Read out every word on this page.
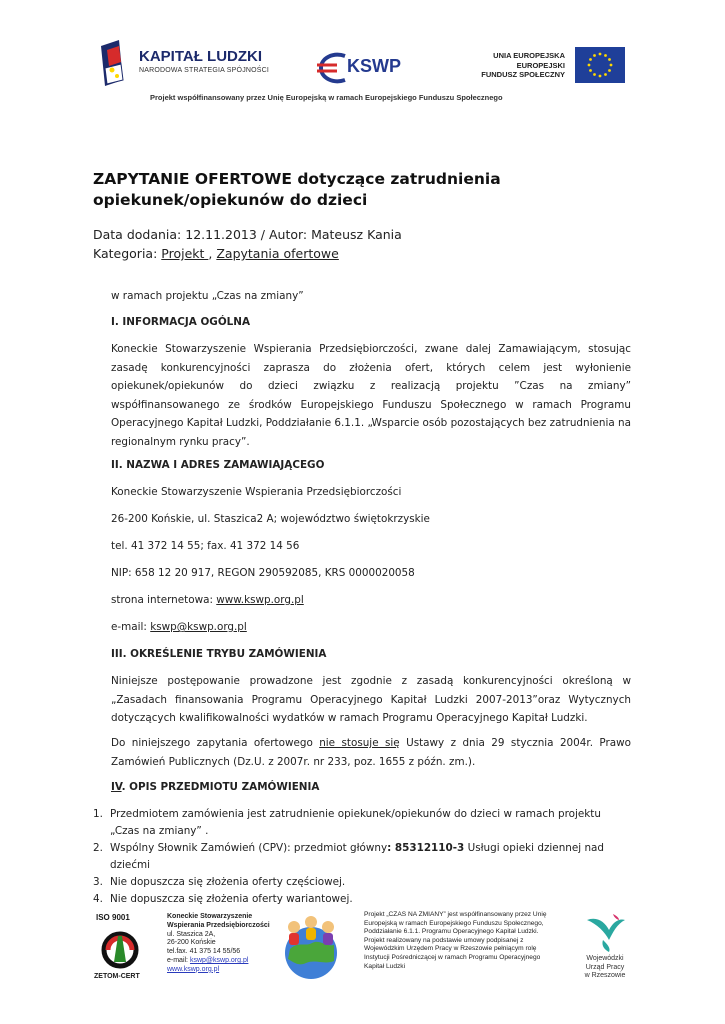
KAPITAŁ LUDZKI
NARODOWA STRATEGIA SPÓJNOŚCI	KSWP
UNIA EUROPEJSKA
EUROPEJSKI
FUNDUSZ SPOŁECZNY
Projekt współfinansowany przez Unię Europejską w ramach Europejskiego Funduszu Społecznego
ZAPYTANIE OFERTOWE dotyczące zatrudnienia opiekunek/opiekunów do dzieci
Data dodania: 12.11.2013 / Autor: Mateusz Kania
Kategoria: Projekt , Zapytania ofertowe
w ramach projektu „Czas na zmiany”
I. INFORMACJA OGÓLNA
Koneckie Stowarzyszenie Wspierania Przedsiębiorczości, zwane dalej Zamawiającym, stosując zasadę konkurencyjności zaprasza do złożenia ofert, których celem jest wyłonienie opiekunek/opiekunów do dzieci związku z realizacją projektu ”Czas na zmiany” współfinansowanego ze środków Europejskiego Funduszu Społecznego w ramach Programu Operacyjnego Kapitał Ludzki, Poddziałanie 6.1.1. „Wsparcie osób pozostających bez zatrudnienia na regionalnym rynku pracy”.
II. NAZWA I ADRES ZAMAWIAJĄCEGO
Koneckie Stowarzyszenie Wspierania Przedsiębiorczości
26-200 Końskie, ul. Staszica2 A; województwo świętokrzyskie
tel. 41 372 14 55; fax. 41 372 14 56
NIP: 658 12 20 917, REGON 290592085, KRS 0000020058
strona internetowa: www.kswp.org.pl
e-mail: kswp@kswp.org.pl
III. OKREŚLENIE TRYBU ZAMÓWIENIA
Niniejsze postępowanie prowadzone jest zgodnie z zasadą konkurencyjności określoną w „Zasadach finansowania Programu Operacyjnego Kapitał Ludzki 2007-2013”oraz Wytycznych dotyczących kwalifikowalności wydatków w ramach Programu Operacyjnego Kapitał Ludzki.
Do niniejszego zapytania ofertowego nie stosuje się Ustawy z dnia 29 stycznia 2004r. Prawo Zamówień Publicznych (Dz.U. z 2007r. nr 233, poz. 1655 z późn. zm.).
IV. OPIS PRZEDMIOTU ZAMÓWIENIA
1. Przedmiotem zamówienia jest zatrudnienie opiekunek/opiekunów do dzieci w ramach projektu
„Czas na zmiany” .
2. Wspólny Słownik Zamówień (CPV): przedmiot główny: 85312110-3 Usługi opieki dziennej nad
dziećmi
3. Nie dopuszcza się złożenia oferty częściowej.
4. Nie dopuszcza się złożenia oferty wariantowej.
ISO 9001
ZETOM-CERT
Koneckie Stowarzyszenie
Wspierania Przedsiębiorczości
ul. Staszica 2A,
26-200 Końskie
tel.fax. 41 375 14 55/56
e-mail: kswp@kswp.org.pl
www.kswp.org.pl
Projekt „CZAS NA ZMIANY” jest współfinansowany przez Unię Europejską w ramach Europejskiego Funduszu Społecznego, Poddziałanie 6.1.1. Programu Operacyjnego Kapitał Ludzki. Projekt realizowany na podstawie umowy podpisanej z Wojewódzkim Urzędem Pracy w Rzeszowie pełniącym rolę Instytucji Pośredniczącej w ramach Programu Operacyjnego Kapitał Ludzki
Wojewódzki
Urząd Pracy
w Rzeszowie
